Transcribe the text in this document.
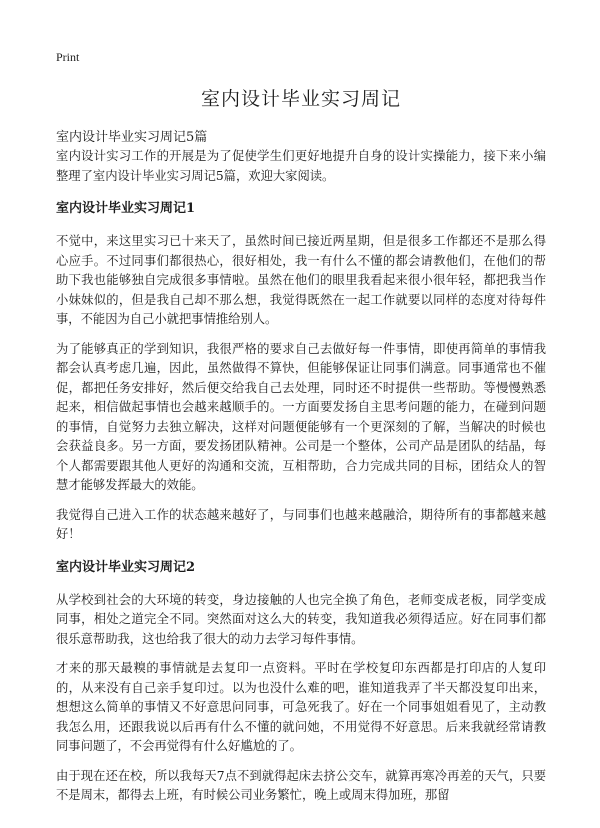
Print
室内设计毕业实习周记
室内设计毕业实习周记5篇

室内设计实习工作的开展是为了促使学生们更好地提升自身的设计实操能力，接下来小编整理了室内设计毕业实习周记5篇，欢迎大家阅读。

室内设计毕业实习周记1

不觉中，来这里实习已十来天了，虽然时间已接近两星期，但是很多工作都还不是那么得心应手。不过同事们都很热心，很好相处，我一有什么不懂的都会请教他们，在他们的帮助下我也能够独自完成很多事情啦。虽然在他们的眼里我看起来很小很年轻，都把我当作小妹妹似的，但是我自己却不那么想，我觉得既然在一起工作就要以同样的态度对待每件事，不能因为自己小就把事情推给别人。

为了能够真正的学到知识，我很严格的要求自己去做好每一件事情，即使再简单的事情我都会认真考虑几遍，因此，虽然做得不算快，但能够保证让同事们满意。同事通常也不催促，都把任务安排好，然后便交给我自己去处理，同时还不时提供一些帮助。等慢慢熟悉起来，相信做起事情也会越来越顺手的。一方面要发扬自主思考问题的能力，在碰到问题的事情，自觉努力去独立解决，这样对问题便能够有一个更深刻的了解，当解决的时候也会获益良多。另一方面，要发扬团队精神。公司是一个整体，公司产品是团队的结晶，每个人都需要跟其他人更好的沟通和交流，互相帮助，合力完成共同的目标，团结众人的智慧才能够发挥最大的效能。

我觉得自己进入工作的状态越来越好了，与同事们也越来越融洽，期待所有的事都越来越好！

室内设计毕业实习周记2

从学校到社会的大环境的转变，身边接触的人也完全换了角色，老师变成老板，同学变成同事，相处之道完全不同。突然面对这么大的转变，我知道我必须得适应。好在同事们都很乐意帮助我，这也给我了很大的动力去学习每件事情。

才来的那天最糗的事情就是去复印一点资料。平时在学校复印东西都是打印店的人复印的，从来没有自己亲手复印过。以为也没什么难的吧，谁知道我弄了半天都没复印出来，想想这么简单的事情又不好意思问同事，可急死我了。好在一个同事姐姐看见了，主动教我怎么用，还跟我说以后再有什么不懂的就问她，不用觉得不好意思。后来我就经常请教同事问题了，不会再觉得有什么好尴尬的了。

由于现在还在校，所以我每天7点不到就得起床去挤公交车，就算再寒冷再差的天气，只要不是周末，都得去上班，有时候公司业务繁忙，晚上或周末得加班，那留
